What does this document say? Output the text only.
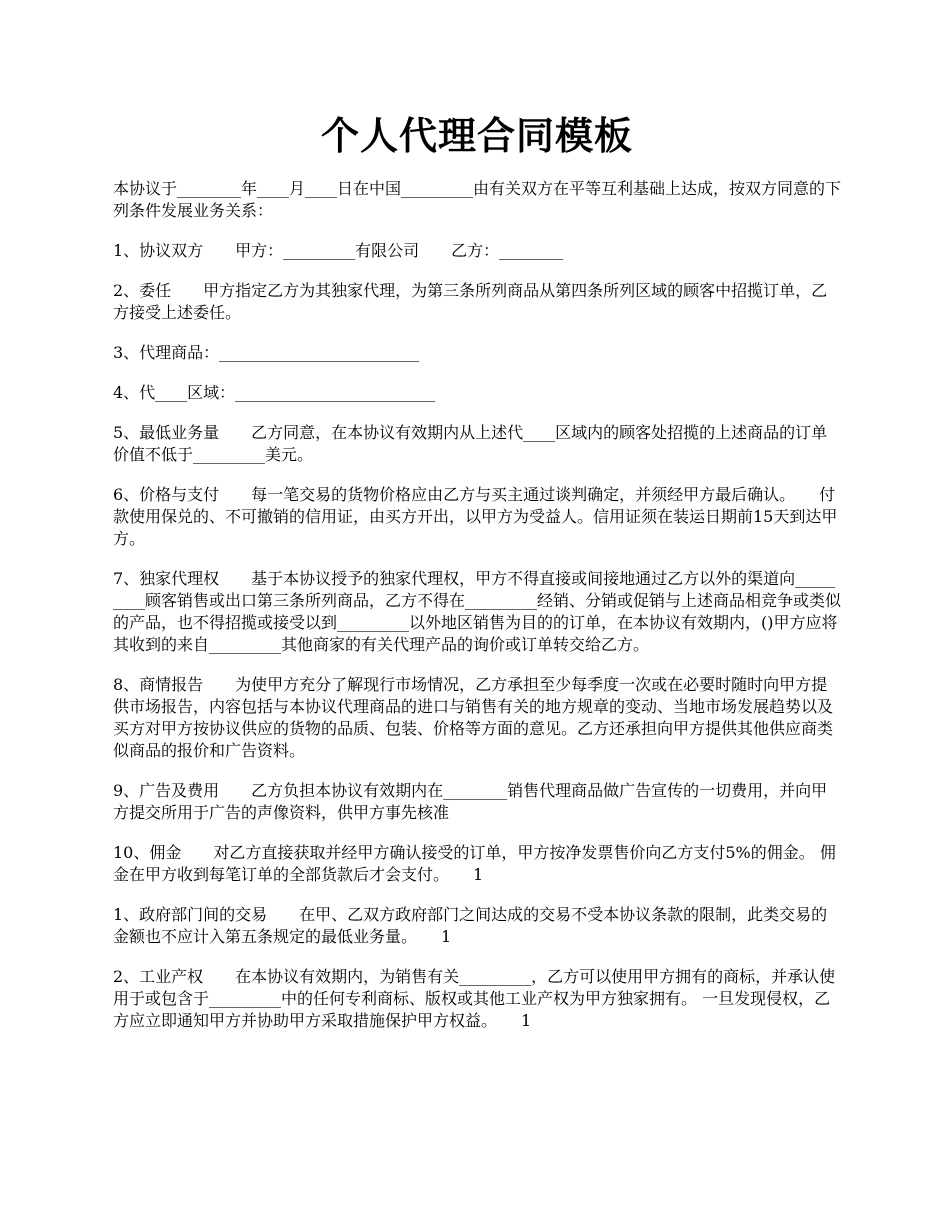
个人代理合同模板

本协议于________年____月____日在中国_________由有关双方在平等互利基础上达成，按双方同意的下列条件发展业务关系：

1、协议双方　　甲方：_________有限公司　　乙方：________

2、委任　　甲方指定乙方为其独家代理，为第三条所列商品从第四条所列区域的顾客中招揽订单，乙方接受上述委任。

3、代理商品：_________________________

4、代____区域：_________________________

5、最低业务量　　乙方同意，在本协议有效期内从上述代____区域内的顾客处招揽的上述商品的订单价值不低于_________美元。

6、价格与支付　　每一笔交易的货物价格应由乙方与买主通过谈判确定，并须经甲方最后确认。　　付款使用保兑的、不可撤销的信用证，由买方开出，以甲方为受益人。信用证须在装运日期前15天到达甲方。

7、独家代理权　　基于本协议授予的独家代理权，甲方不得直接或间接地通过乙方以外的渠道向_________顾客销售或出口第三条所列商品，乙方不得在_________经销、分销或促销与上述商品相竞争或类似的产品，也不得招揽或接受以到_________以外地区销售为目的的订单，在本协议有效期内，()甲方应将其收到的来自_________其他商家的有关代理产品的询价或订单转交给乙方。

8、商情报告　　为使甲方充分了解现行市场情况，乙方承担至少每季度一次或在必要时随时向甲方提供市场报告，内容包括与本协议代理商品的进口与销售有关的地方规章的变动、当地市场发展趋势以及买方对甲方按协议供应的货物的品质、包装、价格等方面的意见。乙方还承担向甲方提供其他供应商类似商品的报价和广告资料。

9、广告及费用　　乙方负担本协议有效期内在________销售代理商品做广告宣传的一切费用，并向甲方提交所用于广告的声像资料，供甲方事先核准

10、佣金　　对乙方直接获取并经甲方确认接受的订单，甲方按净发票售价向乙方支付5%的佣金。 佣金在甲方收到每笔订单的全部货款后才会支付。　　1

1、政府部门间的交易　　在甲、乙双方政府部门之间达成的交易不受本协议条款的限制，此类交易的金额也不应计入第五条规定的最低业务量。　　1

2、工业产权　　在本协议有效期内，为销售有关_________，乙方可以使用甲方拥有的商标，并承认使用于或包含于_________中的任何专利商标、版权或其他工业产权为甲方独家拥有。 一旦发现侵权，乙方应立即通知甲方并协助甲方采取措施保护甲方权益。　　1
